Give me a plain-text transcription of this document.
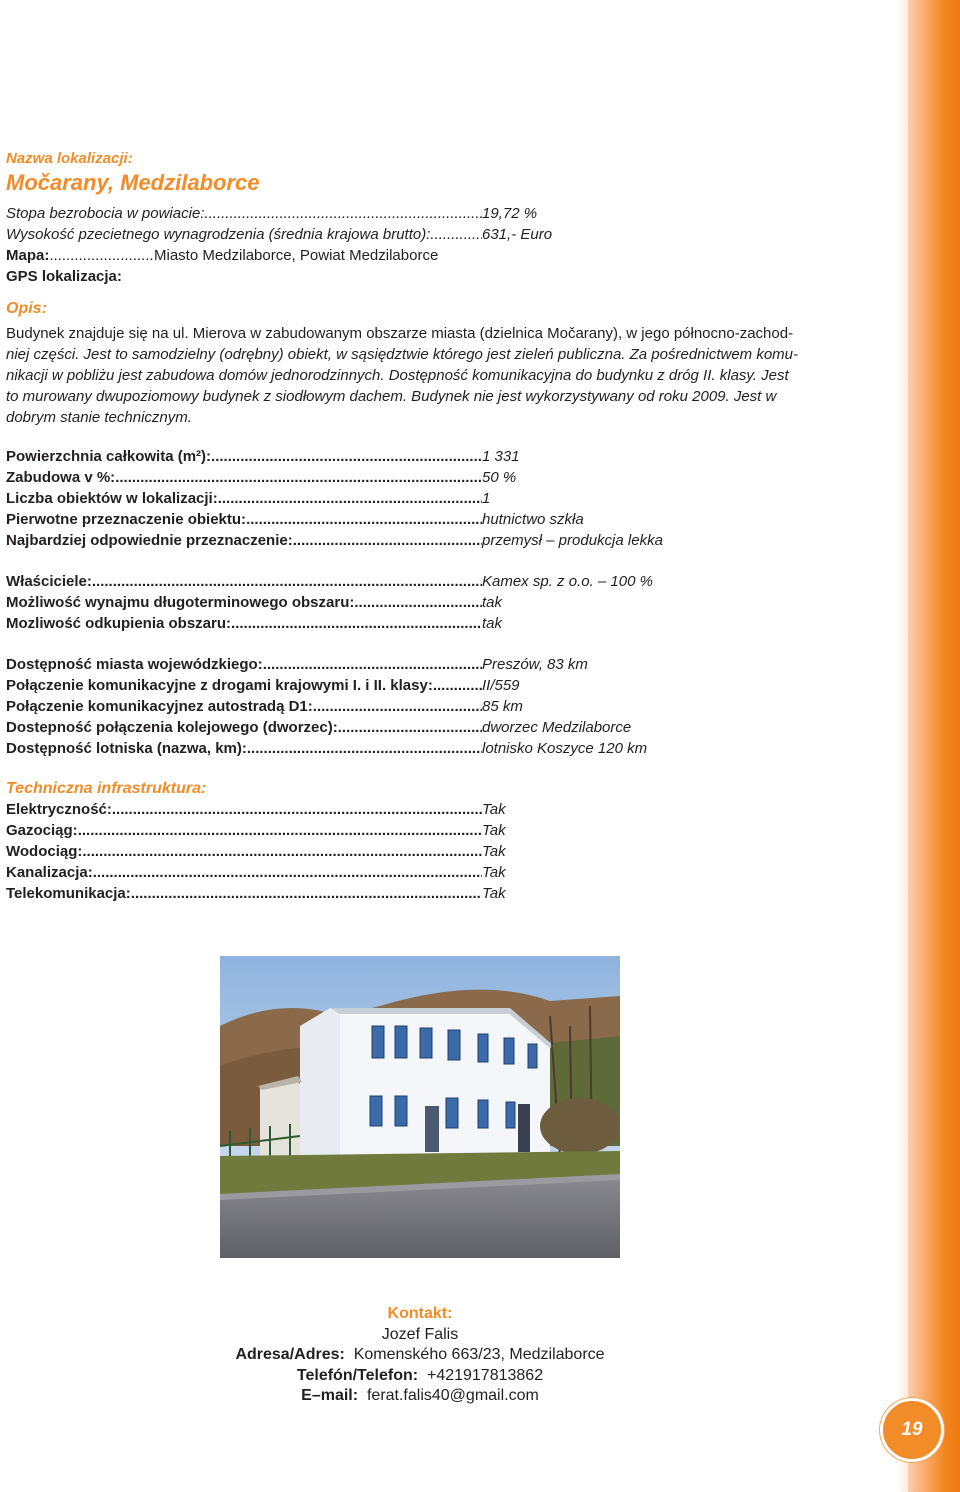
Nazwa lokalizacji:

Močarany, Medzilaborce

Stopa bezrobocia w powiacie: .....	19,72 %
Wysokość pzecietnego wynagrodzenia (średnia krajowa brutto): .....	631,- Euro
Mapa: .....	Miasto Medzilaborce, Powiat Medzilaborce
GPS lokalizacja:

Opis:

Budynek znajduje się na ul. Mierova w zabudowanym obszarze miasta (dzielnica Močarany), w jego północno-zachod-
niej części. Jest to samodzielny (odrębny) obiekt, w sąsiędztwie którego jest zieleń publiczna. Za pośrednictwem komu-
nikacji w pobliżu jest zabudowa domów jednorodzinnych. Dostępność komunikacyjna do budynku z dróg II. klasy. Jest
to murowany dwupoziomowy budynek z siodłowym dachem. Budynek nie jest wykorzystywany od roku 2009. Jest w
dobrym stanie technicznym.
Powierzchnia całkowita (m²): .....	1 331
Zabudowa v %: .....	50 %
Liczba obiektów w lokalizacji: .....	1
Pierwotne przeznaczenie obiektu: .....	hutnictwo szkła
Najbardziej odpowiednie przeznaczenie: .....	przemysł – produkcja lekka
Właściciele: .....	Kamex sp. z o.o. – 100 %
Możliwość wynajmu długoterminowego obszaru: .....	tak
Mozliwość odkupienia obszaru: .....	tak
Dostępność miasta wojewódzkiego: .....	Preszów, 83 km
Połączenie komunikacyjne z drogami krajowymi I. i II. klasy: .....	II/559
Połączenie komunikacyjnez autostradą D1: .....	85 km
Dostepność połączenia kolejowego (dworzec): .....	dworzec Medzilaborce
Dostępność lotniska (nazwa, km): .....	lotnisko Koszyce 120 km

Techniczna infrastruktura:

Elektryczność: .....	Tak
Gazociąg: .....	Tak
Wodociąg: .....	Tak
Kanalizacja: .....	Tak
Telekomunikacja: .....	Tak
Kontakt:
Jozef Falis
Adresa/Adres: Komenského 663/23, Medzilaborce
Telefón/Telefon: +421917813862
E–mail: ferat.falis40@gmail.com
19
